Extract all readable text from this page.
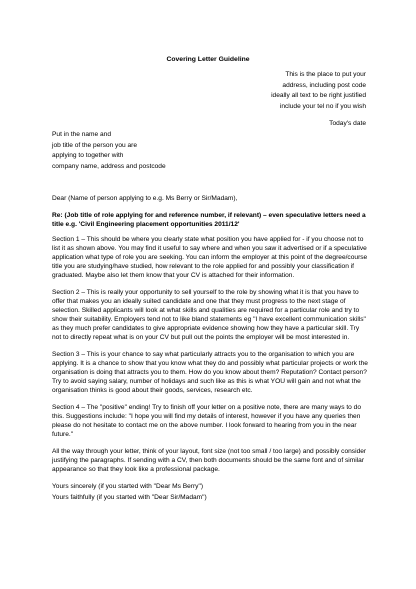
Covering Letter Guideline
This is the place to put your
address, including post code
ideally all text to be right justified
include your tel no if you wish
Today's date
Put in the name and
job title of the person you are
applying to together with
company name, address and postcode

Dear (Name of person applying to e.g. Ms Berry or Sir/Madam),

Re: (Job title of role applying for and reference number, if relevant) – even speculative letters need a title e.g. 'Civil Engineering placement opportunities 2011/12'

Section 1 – This should be where you clearly state what position you have applied for - if you choose not to list it as shown above. You may find it useful to say where and when you saw it advertised or if a speculative application what type of role you are seeking. You can inform the employer at this point of the degree/course title you are studying/have studied, how relevant to the role applied for and possibly your classification if graduated. Maybe also let them know that your CV is attached for their information.

Section 2 – This is really your opportunity to sell yourself to the role by showing what it is that you have to offer that makes you an ideally suited candidate and one that they must progress to the next stage of selection. Skilled applicants will look at what skills and qualities are required for a particular role and try to show their suitability. Employers tend not to like bland statements eg "I have excellent communication skills" as they much prefer candidates to give appropriate evidence showing how they have a particular skill. Try not to directly repeat what is on your CV but pull out the points the employer will be most interested in.

Section 3 – This is your chance to say what particularly attracts you to the organisation to which you are applying. It is a chance to show that you know what they do and possibly what particular projects or work the organisation is doing that attracts you to them. How do you know about them? Reputation? Contact person? Try to avoid saying salary, number of holidays and such like as this is what YOU will gain and not what the organisation thinks is good about their goods, services, research etc.

Section 4 – The "positive" ending! Try to finish off your letter on a positive note, there are many ways to do this. Suggestions include: "I hope you will find my details of interest, however if you have any queries then please do not hesitate to contact me on the above number. I look forward to hearing from you in the near future."

All the way through your letter, think of your layout, font size (not too small / too large) and possibly consider justifying the paragraphs. If sending with a CV, then both documents should be the same font and of similar appearance so that they look like a professional package.

Yours sincerely (if you started with "Dear Ms Berry")

Yours faithfully (if you started with "Dear Sir/Madam")
